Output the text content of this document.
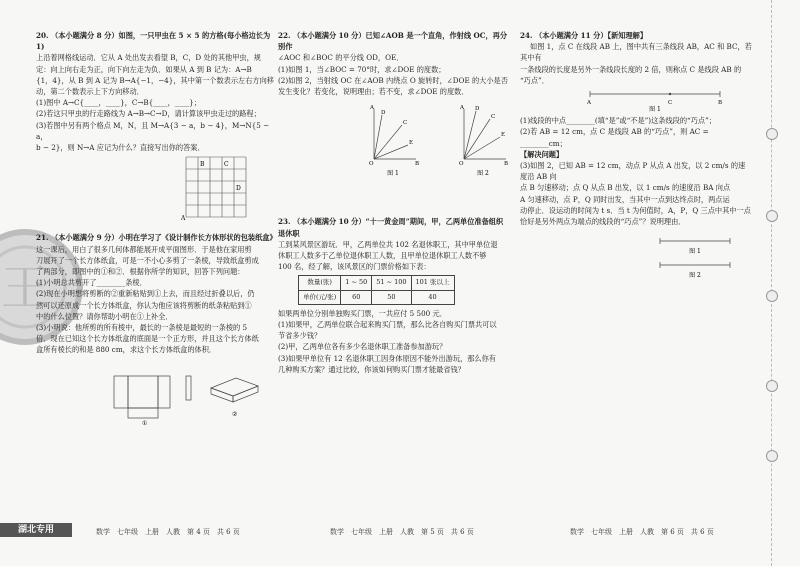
王

20. （本小题满分 8 分）如图，一只甲虫在 5 × 5 的方格(每小格边长为 1)

上沿着网格线运动．它从 A 处出发去看望 B，C，D 处的其他甲虫，规

定：向上向右走为正，向下向左走为负．如果从 A 到 B 记为：A→B

{1，4}，从 B 到 A 记为 B→A{−1，−4}，其中第一个数表示左右方向移

动，第二个数表示上下方向移动．

(1)图中 A→C{____，____}，C→B{____，____}；

(2)若这只甲虫的行走路线为 A→B→C→D，请计算该甲虫走过的路程；

(3)若图中另有两个格点 M，N，且 M→A{3 − a，b − 4}，M→N{5 − a，

b − 2}，则 N→A 应记为什么？直接写出你的答案．

A
B	C
D

21. （本小题满分 9 分）小明在学习了《设计制作长方体形状的包装纸盒》

这一课后，用白了很多几何体都能展开成平面图形．于是他在家用剪

刀展开了一个长方体纸盒，可是一不小心多剪了一条棱，导致纸盒剪成

了两部分，即图中的①和②．根据你所学的知识，回答下列问题：

(1)小明总共剪开了________条棱．

(2)现在小明想将剪断的②重新粘贴到①上去，而且经过折叠以后，仍

然可以还原成一个长方体纸盒，你认为他应该将剪断的纸条粘贴到①

中的什么位置？请你帮助小明在①上补全．

(3)小明说：他所剪的所有棱中，最长的一条棱是最短的一条棱的 5

倍．现在已知这个长方体纸盒的底面是一个正方形，并且这个长方体纸

盒所有棱长的和是 880 cm，求这个长方体纸盒的体积．

①
②
数学　七年级　上册　人教　第 4 页　共 6 页

22. （本小题满分 10 分）已知∠AOB 是一个直角，作射线 OC，再分别作

∠AOC 和∠BOC 的平分线 OD，OE．

(1)如图 1，当∠BOC = 70°时，求∠DOE 的度数；

(2)如图 2，当射线 OC 在∠AOB 内绕点 O 旋转时，∠DOE 的大小是否

发生变化？若变化，说明理由；若不变，求∠DOE 的度数．

A
D
C
E
O	B
A D
C
E
O	B
图 1	图 2

23. （本小题满分 10 分）“十一黄金周”期间，甲，乙两单位准备组织退休职

工到某风景区游玩．甲，乙两单位共 102 名退休职工，其中甲单位退

休职工人数多于乙单位退休职工人数，且甲单位退休职工人数不够

100 名，经了解，该风景区的门票价格如下表：

数量(张)	1 ~ 50	51 ~ 100	101 张以上
单价(元/张)	60	50	40

如果两单位分别单独购买门票，一共应付 5 500 元．

(1)如果甲，乙两单位联合起来购买门票，那么比各自购买门票共可以

节省多少钱？

(2)甲，乙两单位各有多少名退休职工准备参加游玩？

(3)如果甲单位有 12 名退休职工因身体原因不能外出游玩，那么你有

几种购买方案？通过比较，你该如何购买门票才能最省钱？

数学　七年级　上册　人教　第 5 页　共 6 页

24. （本小题满分 11 分）【新知理解】

如图 1，点 C 在线段 AB 上，图中共有三条线段 AB，AC 和 BC，若其中有

一条线段的长度是另外一条线段长度的 2 倍，则称点 C 是线段 AB 的

“巧点”．

A	C	B
图 1

(1)线段的中点________(填“是”或“不是”)这条线段的“巧点”；

(2)若 AB = 12 cm，点 C 是线段 AB 的“巧点”，则 AC = ________cm；

【解决问题】

(3)如图 2，已知 AB = 12 cm，动点 P 从点 A 出发，以 2 cm/s 的速度沿 AB 向

点 B 匀速移动；点 Q 从点 B 出发，以 1 cm/s 的速度沿 BA 向点

A 匀速移动，点 P，Q 同时出发，当其中一点到达终点时，两点运

动停止．设运动的时间为 t s．当 t 为何值时，A，P，Q 三点中其中一点

恰好是另外两点为端点的线段的“巧点”？说明理由．

图 1
图 2
数学　七年级　上册　人教　第 6 页　共 6 页
湖北专用
